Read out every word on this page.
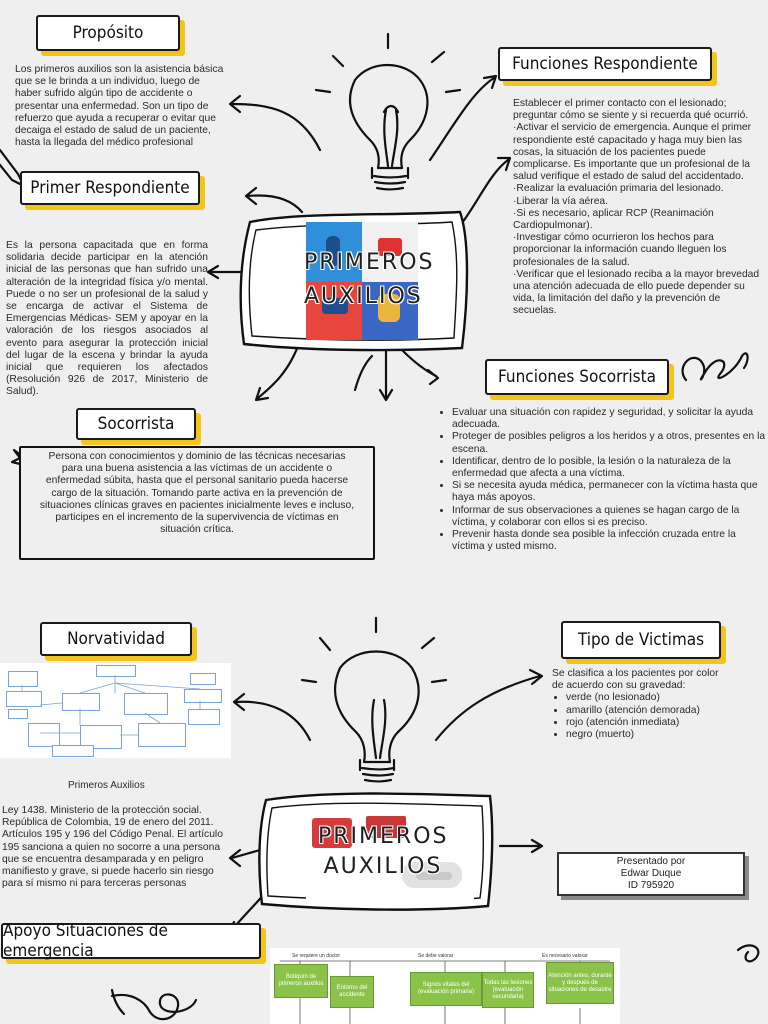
Propósito
Los primeros auxilios son la asistencia básica que se le brinda a un individuo, luego de haber sufrido algún tipo de accidente o presentar una enfermedad. Son un tipo de refuerzo que ayuda a recuperar o evitar que decaiga el estado de salud de un paciente, hasta la llegada del médico profesional
Funciones Respondiente
Establecer el primer contacto con el lesionado; preguntar cómo se siente y si recuerda qué ocurrió.
·Activar el servicio de emergencia. Aunque el primer respondiente esté capacitado y haga muy bien las cosas, la situación de los pacientes puede complicarse. Es importante que un profesional de la salud verifique el estado de salud del accidentado.
·Realizar la evaluación primaria del lesionado.
·Liberar la vía aérea.
·Si es necesario, aplicar RCP (Reanimación Cardiopulmonar).
·Investigar cómo ocurrieron los hechos para proporcionar la información cuando lleguen los profesionales de la salud.
·Verificar que el lesionado reciba a la mayor brevedad una atención adecuada de ello puede depender su vida, la limitación del daño y la prevención de secuelas.
Primer Respondiente
Es la persona capacitada que en forma solidaria decide participar en la atención inicial de las personas que han sufrido una alteración de la integridad física y/o mental. Puede o no ser un profesional de la salud y se encarga de activar el Sistema de Emergencias Médicas- SEM y apoyar en la valoración de los riesgos asociados al evento para asegurar la protección inicial del lugar de la escena y brindar la ayuda inicial que requieren los afectados (Resolución 926 de 2017, Ministerio de Salud).
PRIMEROS AUXILIOS
Funciones Socorrista
• Evaluar una situación con rapidez y seguridad, y solicitar la ayuda adecuada.
• Proteger de posibles peligros a los heridos y a otros, presentes en la escena.
• Identificar, dentro de lo posible, la lesión o la naturaleza de la enfermedad que afecta a una víctima.
• Si se necesita ayuda médica, permanecer con la víctima hasta que haya más apoyos.
• Informar de sus observaciones a quienes se hagan cargo de la víctima, y colaborar con ellos si es preciso.
• Prevenir hasta donde sea posible la infección cruzada entre la víctima y usted mismo.
Socorrista
Persona con conocimientos y dominio de las técnicas necesarias para una buena asistencia a las víctimas de un accidente o enfermedad súbita, hasta que el personal sanitario pueda hacerse cargo de la situación. Tomando parte activa en la prevención de situaciones clínicas graves en pacientes inicialmente leves e incluso, participes en el incremento de la supervivencia de víctimas en situación crítica.
Norvatividad
Primeros Auxilios
Ley 1438. Ministerio de la protección social. República de Colombia, 19 de enero del 2011. Artículos 195 y 196 del Código Penal. El artículo 195 sanciona a quien no socorre a una persona que se encuentra desamparada y en peligro manifiesto y grave, si puede hacerlo sin riesgo para sí mismo ni para terceras personas
Tipo de Victimas
Se clasifica a los pacientes por color de acuerdo con su gravedad:
• verde (no lesionado)
• amarillo (atención demorada)
• rojo (atención inmediata)
• negro (muerto)
PRIMEROS AUXILIOS	Presentado por
Edwar Duque
ID 795920
Apoyo Situaciones de emergencia	Se requiere un doctor	Se debe valorar	Es necesario valorar
Botiquín de primeros auxilios
Entorno del accidente
Signos vitales del (evaluación primaria)
Todas las lesiones (evaluación secundaria)
Atención antes, durante y después de situaciones de desastre
